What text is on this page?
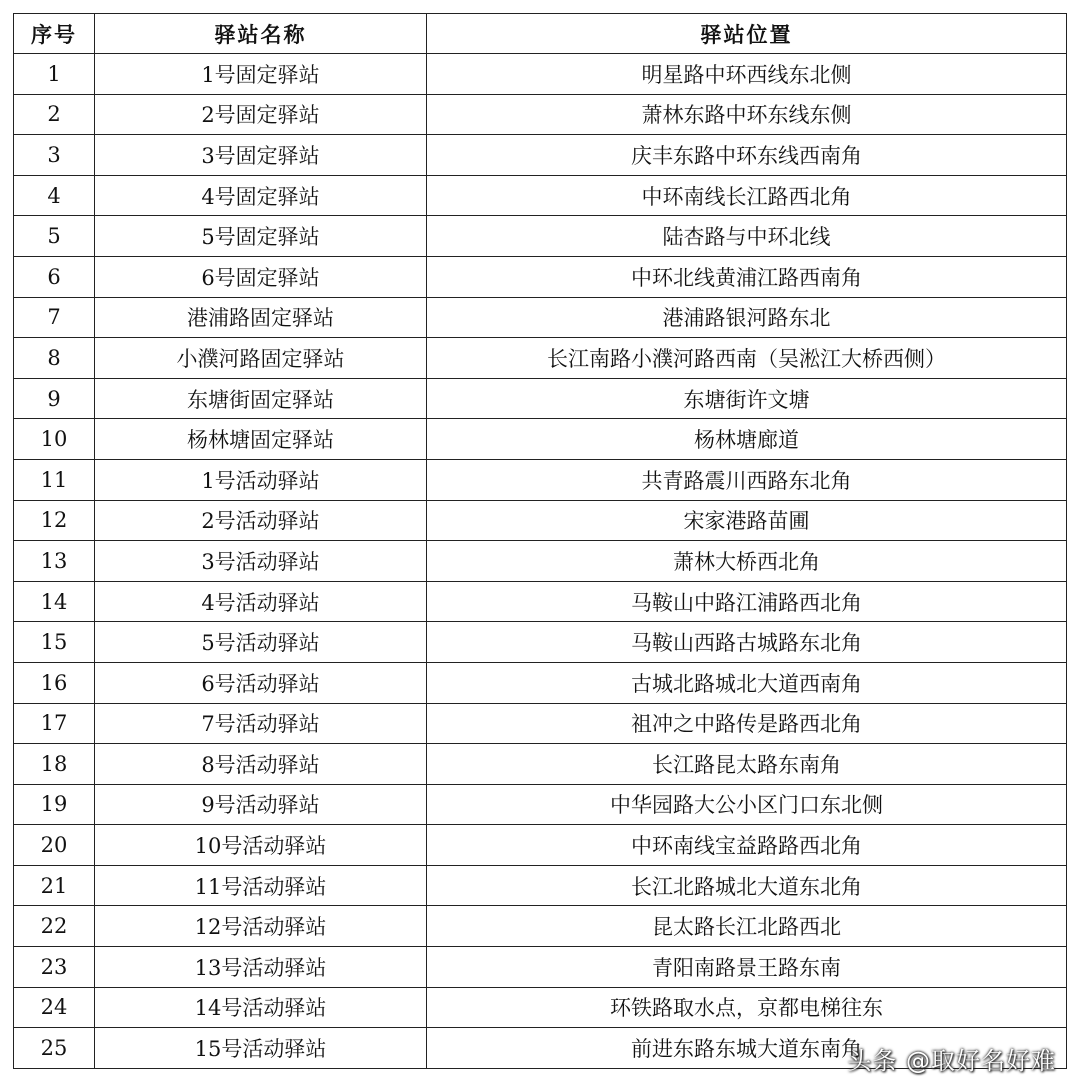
序号	驿站名称	驿站位置
1	1号固定驿站	明星路中环西线东北侧
2	2号固定驿站	萧林东路中环东线东侧
3	3号固定驿站	庆丰东路中环东线西南角
4	4号固定驿站	中环南线长江路西北角
5	5号固定驿站	陆杏路与中环北线
6	6号固定驿站	中环北线黄浦江路西南角
7	港浦路固定驿站	港浦路银河路东北
8	小濮河路固定驿站	长江南路小濮河路西南（吴淞江大桥西侧）
9	东塘街固定驿站	东塘街许文塘
10	杨林塘固定驿站	杨林塘廊道
11	1号活动驿站	共青路震川西路东北角
12	2号活动驿站	宋家港路苗圃
13	3号活动驿站	萧林大桥西北角
14	4号活动驿站	马鞍山中路江浦路西北角
15	5号活动驿站	马鞍山西路古城路东北角
16	6号活动驿站	古城北路城北大道西南角
17	7号活动驿站	祖冲之中路传是路西北角
18	8号活动驿站	长江路昆太路东南角
19	9号活动驿站	中华园路大公小区门口东北侧
20	10号活动驿站	中环南线宝益路路西北角
21	11号活动驿站	长江北路城北大道东北角
22	12号活动驿站	昆太路长江北路西北
23	13号活动驿站	青阳南路景王路东南
24	14号活动驿站	环铁路取水点，京都电梯往东
25	15号活动驿站	前进东路东城大道东南角
头条 @取好名好难
